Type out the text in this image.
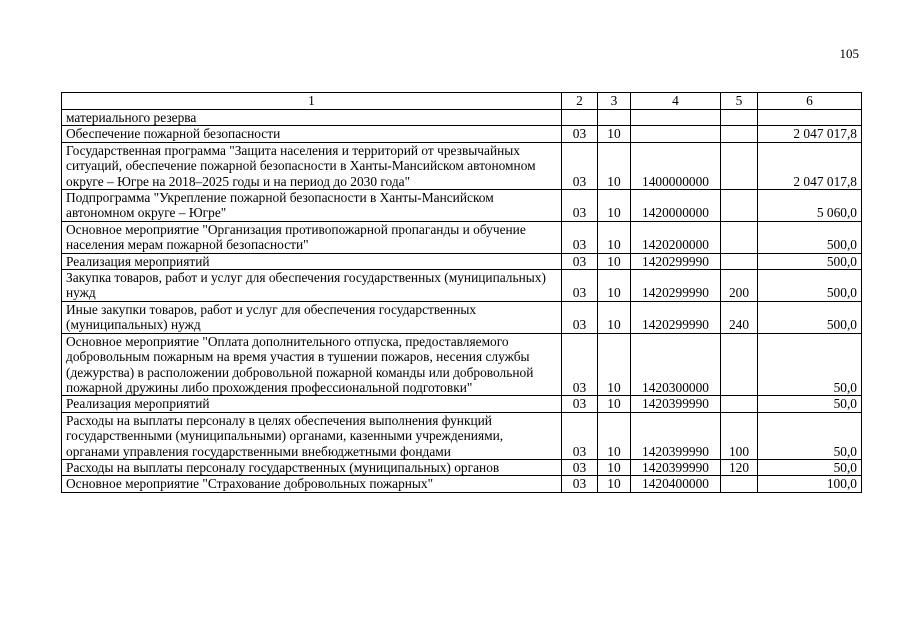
105
1	2	3	4	5	6
материального резерва					
Обеспечение пожарной безопасности	03	10			2 047 017,8
Государственная программа "Защита населения и территорий от чрезвычайных ситуаций, обеспечение пожарной безопасности в Ханты-Мансийском автономном округе – Югре на 2018–2025 годы и на период до 2030 года"	03	10	1400000000		2 047 017,8
Подпрограмма "Укрепление пожарной безопасности в Ханты-Мансийском автономном округе – Югре"	03	10	1420000000		5 060,0
Основное мероприятие "Организация противопожарной пропаганды и обучение населения мерам пожарной безопасности"	03	10	1420200000		500,0
Реализация мероприятий	03	10	1420299990		500,0
Закупка товаров, работ и услуг для обеспечения государственных (муниципальных) нужд	03	10	1420299990	200	500,0
Иные закупки товаров, работ и услуг для обеспечения государственных (муниципальных) нужд	03	10	1420299990	240	500,0
Основное мероприятие "Оплата дополнительного отпуска, предоставляемого добровольным пожарным на время участия в тушении пожаров, несения службы (дежурства) в расположении добровольной пожарной команды или добровольной пожарной дружины либо прохождения профессиональной подготовки"	03	10	1420300000		50,0
Реализация мероприятий	03	10	1420399990		50,0
Расходы на выплаты персоналу в целях обеспечения выполнения функций государственными (муниципальными) органами, казенными учреждениями, органами управления государственными внебюджетными фондами	03	10	1420399990	100	50,0
Расходы на выплаты персоналу государственных (муниципальных) органов	03	10	1420399990	120	50,0
Основное мероприятие "Страхование добровольных пожарных"	03	10	1420400000		100,0
